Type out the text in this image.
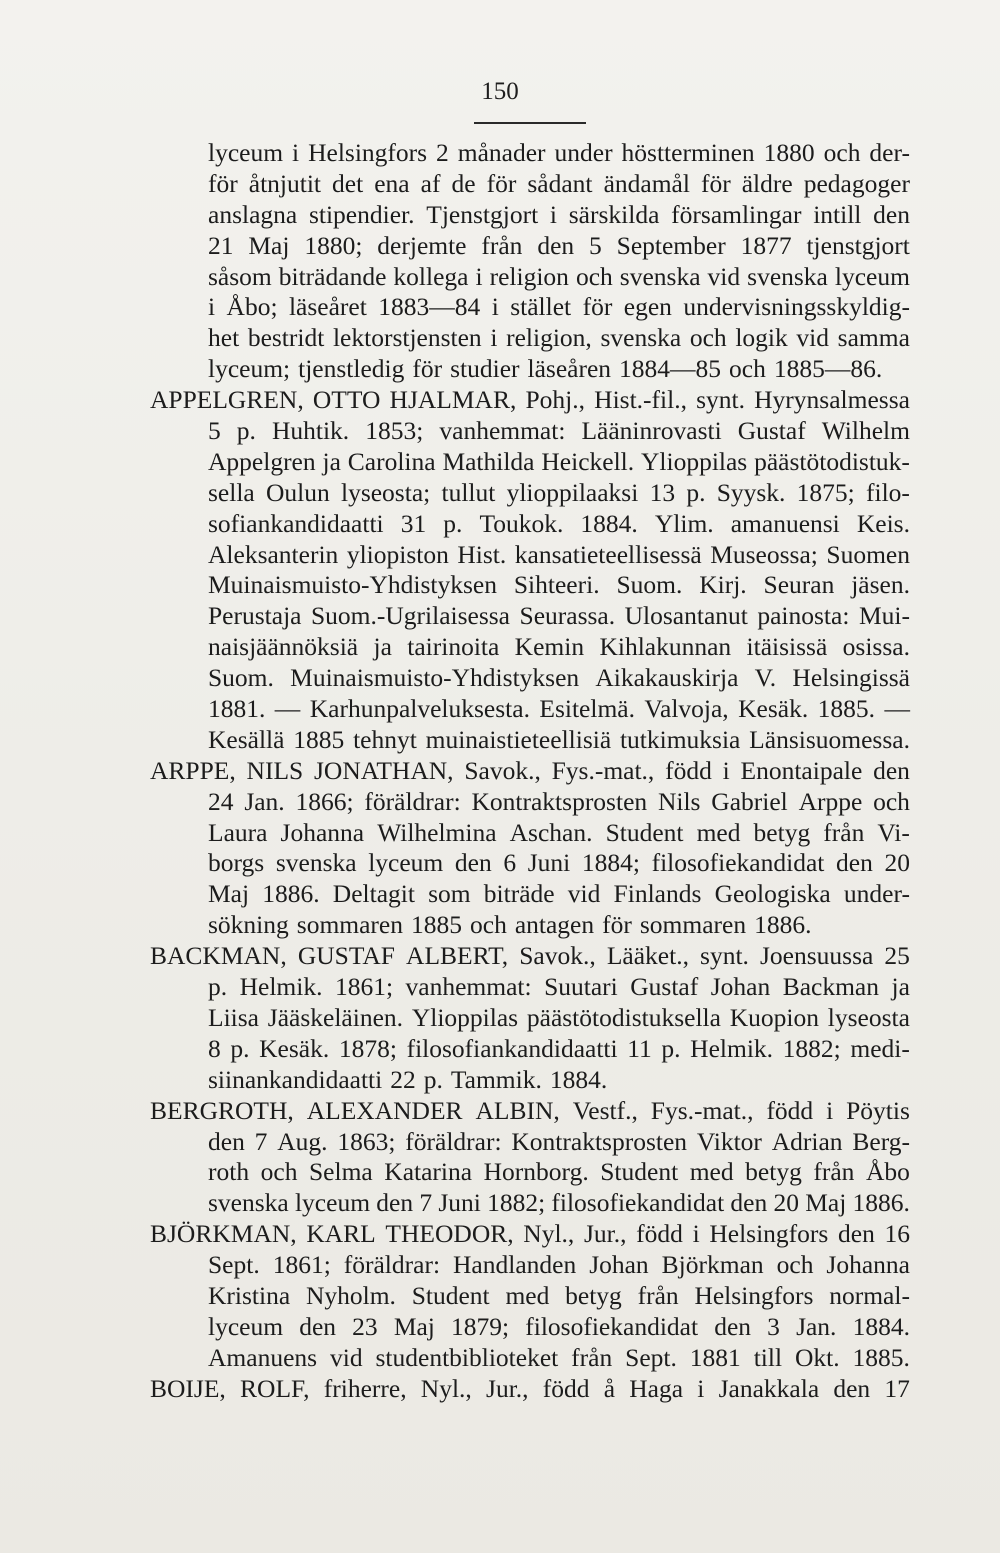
150
lyceum i Helsingfors 2 månader under höstterminen 1880 och der-
för åtnjutit det ena af de för sådant ändamål för äldre pedagoger
anslagna stipendier. Tjenstgjort i särskilda församlingar intill den
21 Maj 1880; derjemte från den 5 September 1877 tjenstgjort
såsom biträdande kollega i religion och svenska vid svenska lyceum
i Åbo; läseåret 1883—84 i stället för egen undervisningsskyldig-
het bestridt lektorstjensten i religion, svenska och logik vid samma
lyceum; tjenstledig för studier läseåren 1884—85 och 1885—86.
APPELGREN, OTTO HJALMAR, Pohj., Hist.-fil., synt. Hyrynsalmessa
5 p. Huhtik. 1853; vanhemmat: Lääninrovasti Gustaf Wilhelm
Appelgren ja Carolina Mathilda Heickell. Ylioppilas päästötodistuk-
sella Oulun lyseosta; tullut ylioppilaaksi 13 p. Syysk. 1875; filo-
sofiankandidaatti 31 p. Toukok. 1884. Ylim. amanuensi Keis.
Aleksanterin yliopiston Hist. kansatieteellisessä Museossa; Suomen
Muinaismuisto-Yhdistyksen Sihteeri. Suom. Kirj. Seuran jäsen.
Perustaja Suom.-Ugrilaisessa Seurassa. Ulosantanut painosta: Mui-
naisjäännöksiä ja tairinoita Kemin Kihlakunnan itäisissä osissa.
Suom. Muinaismuisto-Yhdistyksen Aikakauskirja V. Helsingissä
1881. — Karhunpalveluksesta. Esitelmä. Valvoja, Kesäk. 1885. —
Kesällä 1885 tehnyt muinaistieteellisiä tutkimuksia Länsisuomessa.
ARPPE, NILS JONATHAN, Savok., Fys.-mat., född i Enontaipale den
24 Jan. 1866; föräldrar: Kontraktsprosten Nils Gabriel Arppe och
Laura Johanna Wilhelmina Aschan. Student med betyg från Vi-
borgs svenska lyceum den 6 Juni 1884; filosofiekandidat den 20
Maj 1886. Deltagit som biträde vid Finlands Geologiska under-
sökning sommaren 1885 och antagen för sommaren 1886.
BACKMAN, GUSTAF ALBERT, Savok., Lääket., synt. Joensuussa 25
p. Helmik. 1861; vanhemmat: Suutari Gustaf Johan Backman ja
Liisa Jääskeläinen. Ylioppilas päästötodistuksella Kuopion lyseosta
8 p. Kesäk. 1878; filosofiankandidaatti 11 p. Helmik. 1882; medi-
siinankandidaatti 22 p. Tammik. 1884.
BERGROTH, ALEXANDER ALBIN, Vestf., Fys.-mat., född i Pöytis
den 7 Aug. 1863; föräldrar: Kontraktsprosten Viktor Adrian Berg-
roth och Selma Katarina Hornborg. Student med betyg från Åbo
svenska lyceum den 7 Juni 1882; filosofiekandidat den 20 Maj 1886.
BJÖRKMAN, KARL THEODOR, Nyl., Jur., född i Helsingfors den 16
Sept. 1861; föräldrar: Handlanden Johan Björkman och Johanna
Kristina Nyholm. Student med betyg från Helsingfors normal-
lyceum den 23 Maj 1879; filosofiekandidat den 3 Jan. 1884.
Amanuens vid studentbiblioteket från Sept. 1881 till Okt. 1885.
BOIJE, ROLF, friherre, Nyl., Jur., född å Haga i Janakkala den 17
